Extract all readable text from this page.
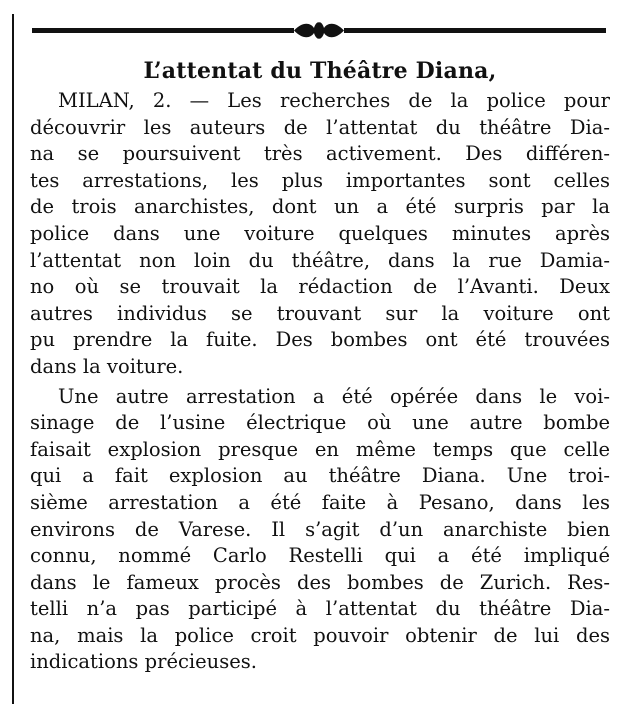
L’attentat du Théâtre Diana,

MILAN, 2. — Les recherches de la police pour
découvrir les auteurs de l’attentat du théâtre Dia-
na se poursuivent très activement. Des différen-
tes arrestations, les plus importantes sont celles
de trois anarchistes, dont un a été surpris par la
police dans une voiture quelques minutes après
l’attentat non loin du théâtre, dans la rue Damia-
no où se trouvait la rédaction de l’Avanti. Deux
autres individus se trouvant sur la voiture ont
pu prendre la fuite. Des bombes ont été trouvées
dans la voiture.

Une autre arrestation a été opérée dans le voi-
sinage de l’usine électrique où une autre bombe
faisait explosion presque en même temps que celle
qui a fait explosion au théâtre Diana. Une troi-
sième arrestation a été faite à Pesano, dans les
environs de Varese. Il s’agit d’un anarchiste bien
connu, nommé Carlo Restelli qui a été impliqué
dans le fameux procès des bombes de Zurich. Res-
telli n’a pas participé à l’attentat du théâtre Dia-
na, mais la police croit pouvoir obtenir de lui des
indications précieuses.
